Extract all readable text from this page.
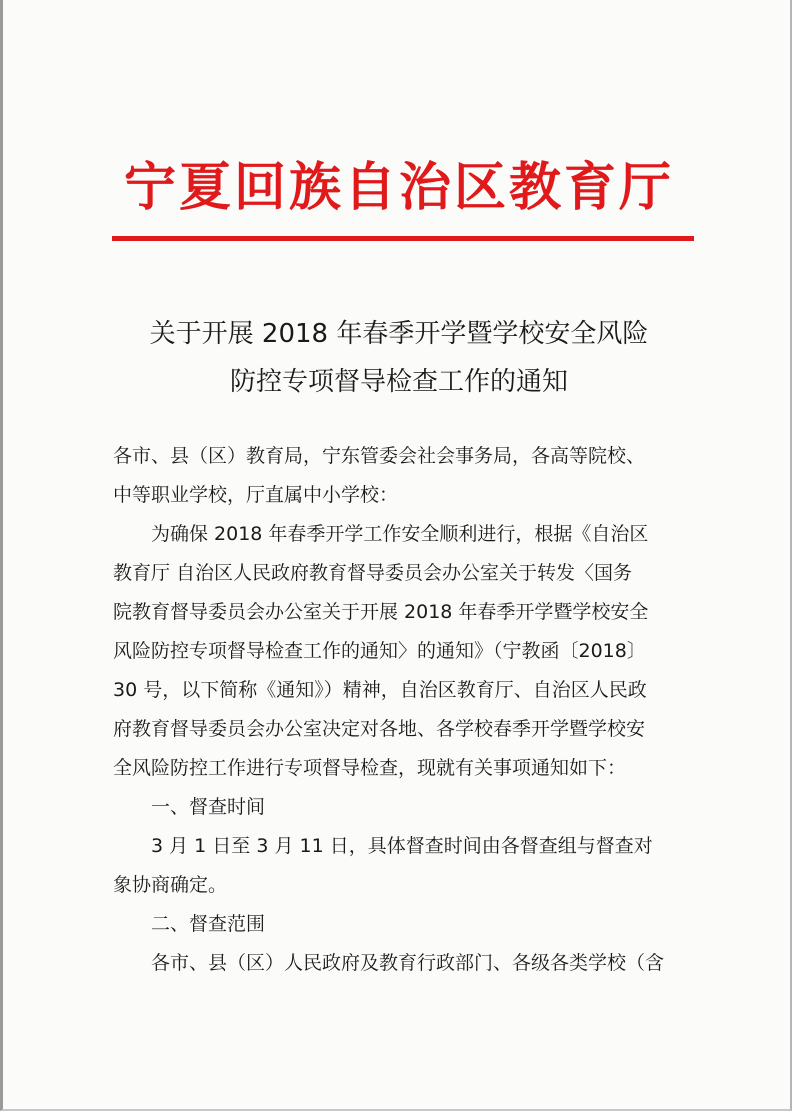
宁夏回族自治区教育厅
关于开展 2018 年春季开学暨学校安全风险
防控专项督导检查工作的通知
各市、县（区）教育局，宁东管委会社会事务局，各高等院校、
中等职业学校，厅直属中小学校：
为确保 2018 年春季开学工作安全顺利进行，根据《自治区
教育厅 自治区人民政府教育督导委员会办公室关于转发〈国务
院教育督导委员会办公室关于开展 2018 年春季开学暨学校安全
风险防控专项督导检查工作的通知〉的通知》（宁教函〔2018〕
30 号，以下简称《通知》）精神，自治区教育厅、自治区人民政
府教育督导委员会办公室决定对各地、各学校春季开学暨学校安
全风险防控工作进行专项督导检查，现就有关事项通知如下：
一、督查时间
3 月 1 日至 3 月 11 日，具体督查时间由各督查组与督查对
象协商确定。
二、督查范围
各市、县（区）人民政府及教育行政部门、各级各类学校（含
